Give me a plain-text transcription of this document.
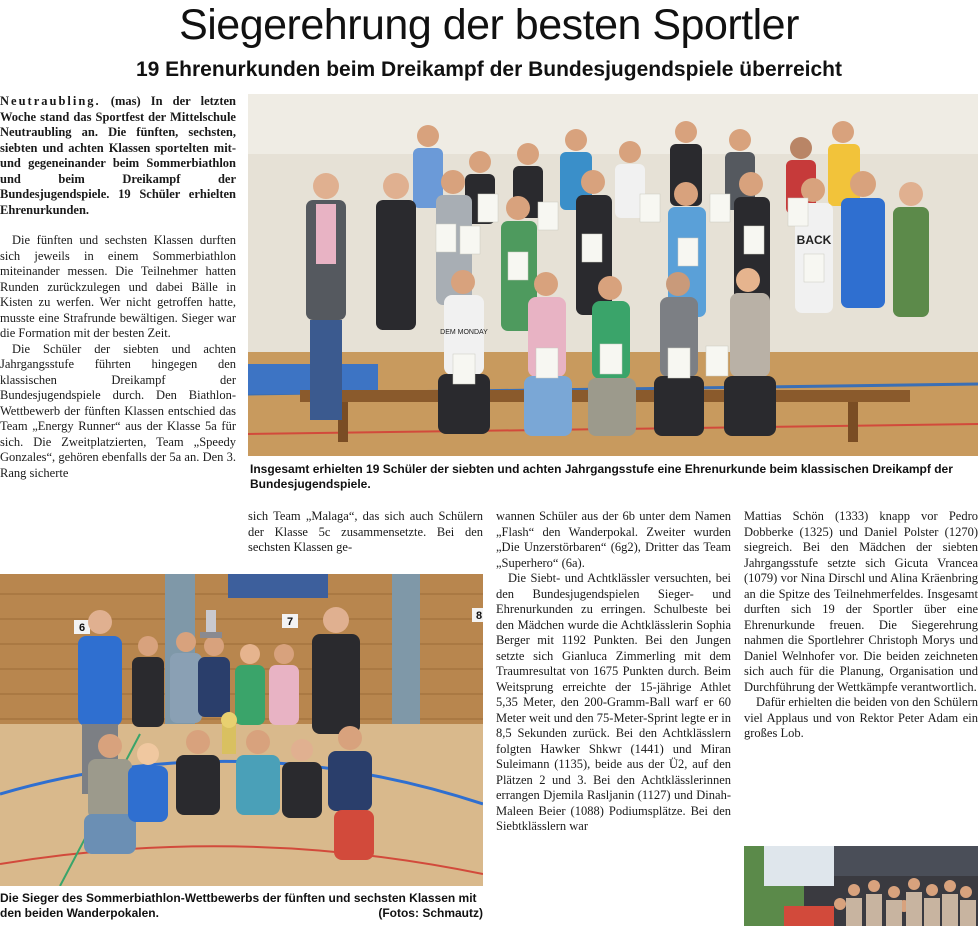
Siegerehrung der besten Sportler
19 Ehrenurkunden beim Dreikampf der Bundesjugendspiele überreicht

Neutraubling. (mas) In der letzten Woche stand das Sportfest der Mittelschule Neutraubling an. Die fünften, sechsten, siebten und achten Klassen sportelten mit- und gegeneinander beim Sommerbiathlon und beim Dreikampf der Bundesjugendspiele. 19 Schüler erhielten Ehrenurkunden.

Die fünften und sechsten Klassen durften sich jeweils in einem Sommerbiathlon miteinander messen. Die Teilnehmer hatten Runden zurückzulegen und dabei Bälle in Kisten zu werfen. Wer nicht getroffen hatte, musste eine Strafrunde bewältigen. Sieger war die Formation mit der besten Zeit.

Die Schüler der siebten und achten Jahrgangsstufe führten hingegen den klassischen Dreikampf der Bundesjugendspiele durch. Den Biathlon-Wettbewerb der fünften Klassen entschied das Team „Energy Runner“ aus der Klasse 5a für sich. Die Zweitplatzierten, Team „Speedy Gonzales“, gehören ebenfalls der 5a an. Den 3. Rang sicherte

BACK
DEM MONDAY

Insgesamt erhielten 19 Schüler der siebten und achten Jahrgangsstufe eine Ehrenurkunde beim klassischen Dreikampf der Bundesjugendspiele.

sich Team „Malaga“, das sich auch Schülern der Klasse 5c zusammensetzte. Bei den sechsten Klassen ge-

6	7	8

Die Sieger des Sommerbiathlon-Wettbewerbs der fünften und sechsten Klassen mit den beiden Wanderpokalen.	(Fotos: Schmautz)

wannen Schüler aus der 6b unter dem Namen „Flash“ den Wanderpokal. Zweiter wurden „Die Unzerstörbaren“ (6g2), Dritter das Team „Superhero“ (6a).

Die Siebt- und Achtklässler versuchten, bei den Bundesjugendspielen Sieger- und Ehrenurkunden zu erringen. Schulbeste bei den Mädchen wurde die Achtklässlerin Sophia Berger mit 1192 Punkten. Bei den Jungen setzte sich Gianluca Zimmerling mit dem Traumresultat von 1675 Punkten durch. Beim Weitsprung erreichte der 15-jährige Athlet 5,35 Meter, den 200-Gramm-Ball warf er 60 Meter weit und den 75-Meter-Sprint legte er in 8,5 Sekunden zurück. Bei den Achtklässlern folgten Hawker Shkwr (1441) und Miran Suleimann (1135), beide aus der Ü2, auf den Plätzen 2 und 3. Bei den Achtklässlerinnen errangen Djemila Rasljanin (1127) und Dinah-Maleen Beier (1088) Podiumsplätze. Bei den Siebtklässlern war

Mattias Schön (1333) knapp vor Pedro Dobberke (1325) und Daniel Polster (1270) siegreich. Bei den Mädchen der siebten Jahrgangsstufe setzte sich Gicuta Vrancea (1079) vor Nina Dirschl und Alina Kräenbring an die Spitze des Teilnehmerfeldes. Insgesamt durften sich 19 der Sportler über eine Ehrenurkunde freuen. Die Siegerehrung nahmen die Sportlehrer Christoph Morys und Daniel Welnhofer vor. Die beiden zeichneten sich auch für die Planung, Organisation und Durchführung der Wettkämpfe verantwortlich.

Dafür erhielten die beiden von den Schülern viel Applaus und von Rektor Peter Adam ein großes Lob.
